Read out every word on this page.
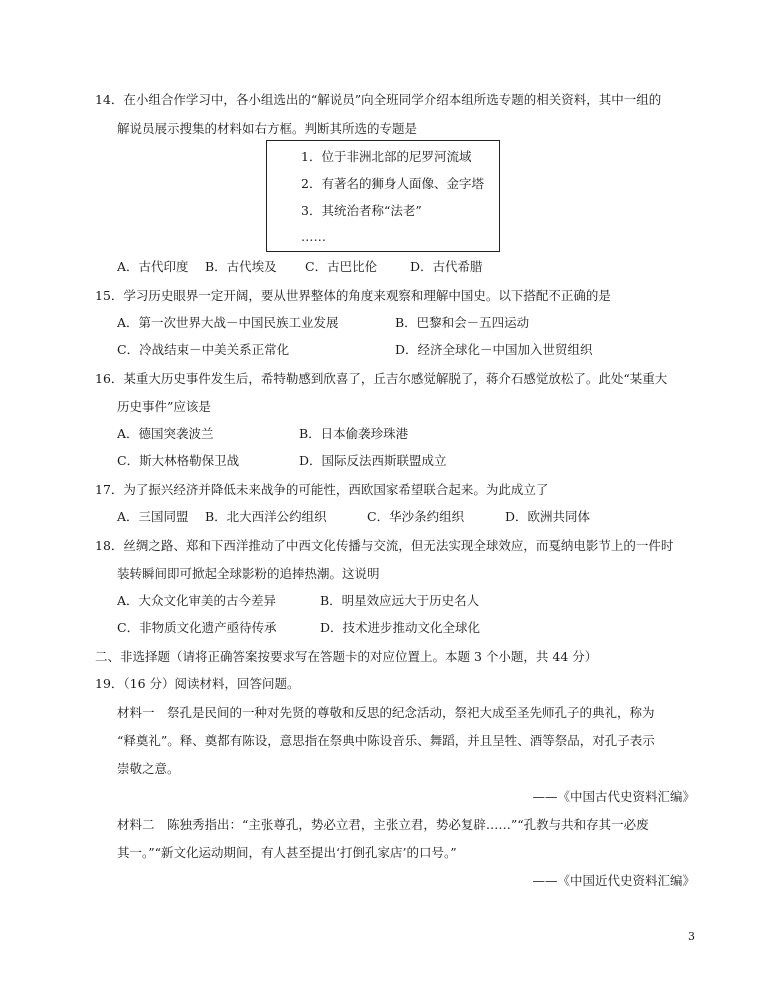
14．在小组合作学习中，各小组选出的“解说员”向全班同学介绍本组所选专题的相关资料，其中一组的
解说员展示搜集的材料如右方框。判断其所选的专题是
1．位于非洲北部的尼罗河流域
2．有著名的狮身人面像、金字塔
3．其统治者称“法老”
……
A．古代印度 B．古代埃及 C．古巴比伦	D．古代希腊
15．学习历史眼界一定开阔，要从世界整体的角度来观察和理解中国史。以下搭配不正确的是
A．第一次世界大战－中国民族工业发展	B．巴黎和会－五四运动
C．冷战结束－中美关系正常化	D．经济全球化－中国加入世贸组织
16．某重大历史事件发生后，希特勒感到欣喜了，丘吉尔感觉解脱了，蒋介石感觉放松了。此处“某重大
历史事件”应该是
A．德国突袭波兰	B．日本偷袭珍珠港
C．斯大林格勒保卫战	D．国际反法西斯联盟成立
17．为了振兴经济并降低未来战争的可能性，西欧国家希望联合起来。为此成立了
A．三国同盟 B．北大西洋公约组织	C．华沙条约组织	D．欧洲共同体
18．丝绸之路、郑和下西洋推动了中西文化传播与交流，但无法实现全球效应，而戛纳电影节上的一件时
装转瞬间即可掀起全球影粉的追捧热潮。这说明
A．大众文化审美的古今差异	B．明星效应远大于历史名人
C．非物质文化遗产亟待传承	D．技术进步推动文化全球化
二、非选择题（请将正确答案按要求写在答题卡的对应位置上。本题 3 个小题，共 44 分）
19．（16 分）阅读材料，回答问题。
材料一　祭孔是民间的一种对先贤的尊敬和反思的纪念活动，祭祀大成至圣先师孔子的典礼，称为
“释奠礼”。释、奠都有陈设，意思指在祭典中陈设音乐、舞蹈，并且呈牲、酒等祭品，对孔子表示
崇敬之意。
——《中国古代史资料汇编》
材料二　陈独秀指出：“主张尊孔，势必立君，主张立君，势必复辟……”“孔教与共和存其一必废
其一。”“新文化运动期间，有人甚至提出‘打倒孔家店’的口号。”
——《中国近代史资料汇编》
3
